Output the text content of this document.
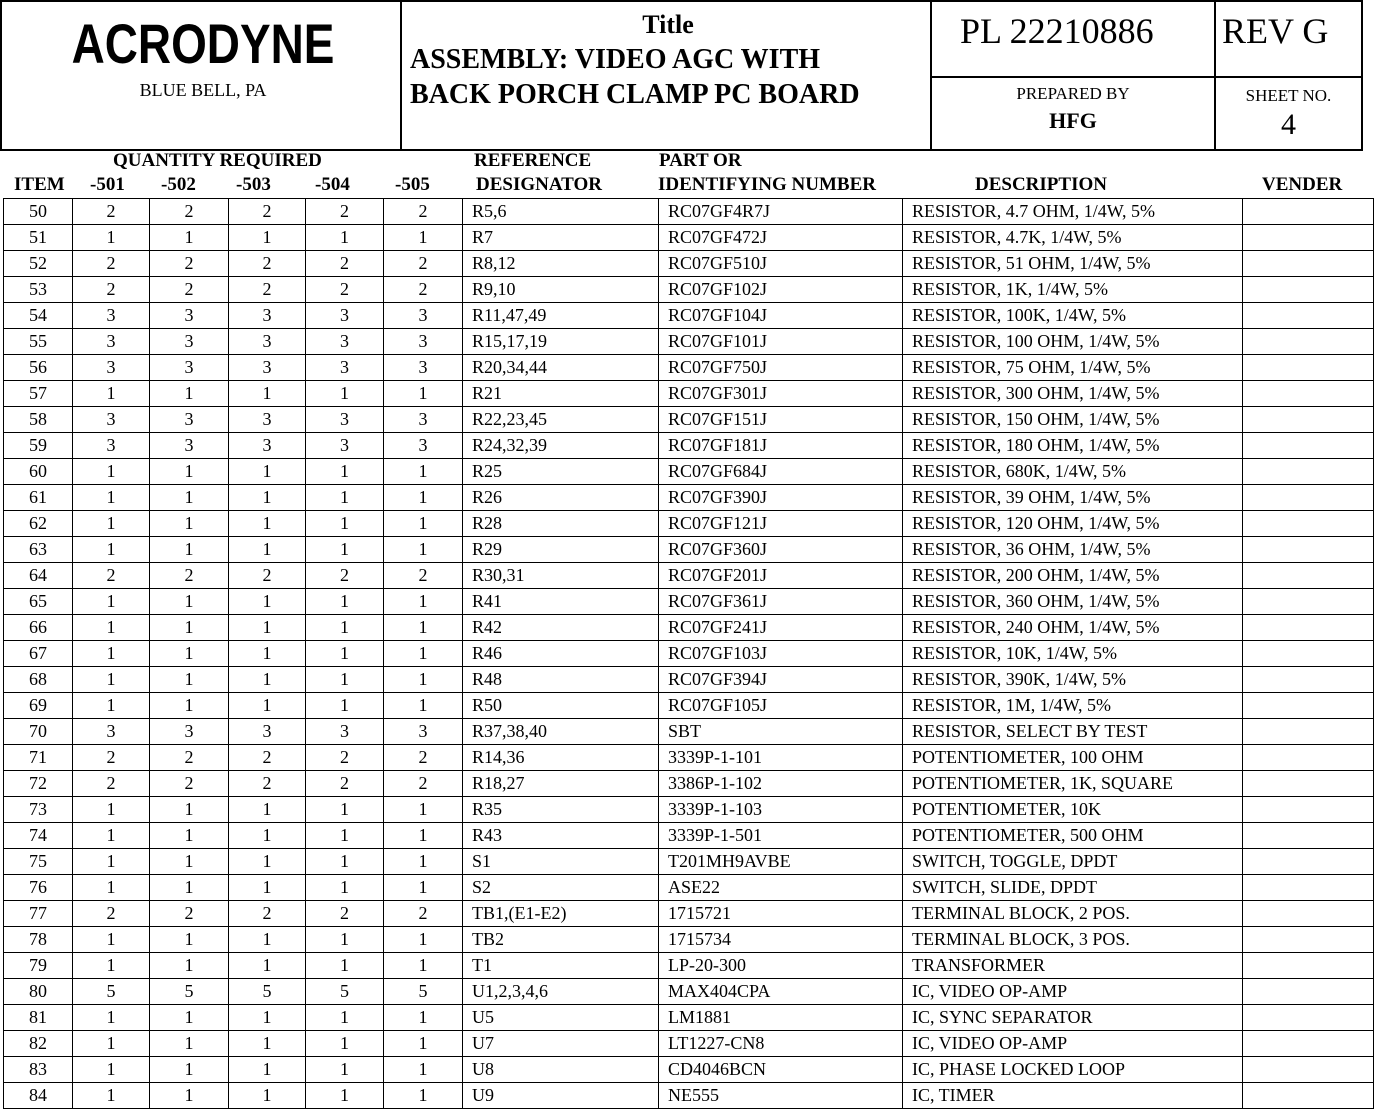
ACRODYNE
BLUE BELL, PA
Title
ASSEMBLY: VIDEO AGC WITH
BACK PORCH CLAMP PC BOARD
PL 22210886 REV G
PREPARED BY
HFG
SHEET NO.
4
QUANTITY REQUIRED	REFERENCE	PART OR
ITEM -501 -502 -503 -504 -505 DESIGNATOR	IDENTIFYING NUMBER	DESCRIPTION	VENDER
50	2	2	2	2	2	R5,6	RC07GF4R7J	RESISTOR, 4.7 OHM, 1/4W, 5%	
51	1	1	1	1	1	R7	RC07GF472J	RESISTOR, 4.7K, 1/4W, 5%	
52	2	2	2	2	2	R8,12	RC07GF510J	RESISTOR, 51 OHM, 1/4W, 5%	
53	2	2	2	2	2	R9,10	RC07GF102J	RESISTOR, 1K, 1/4W, 5%	
54	3	3	3	3	3	R11,47,49	RC07GF104J	RESISTOR, 100K, 1/4W, 5%	
55	3	3	3	3	3	R15,17,19	RC07GF101J	RESISTOR, 100 OHM, 1/4W, 5%	
56	3	3	3	3	3	R20,34,44	RC07GF750J	RESISTOR, 75 OHM, 1/4W, 5%	
57	1	1	1	1	1	R21	RC07GF301J	RESISTOR, 300 OHM, 1/4W, 5%	
58	3	3	3	3	3	R22,23,45	RC07GF151J	RESISTOR, 150 OHM, 1/4W, 5%	
59	3	3	3	3	3	R24,32,39	RC07GF181J	RESISTOR, 180 OHM, 1/4W, 5%	
60	1	1	1	1	1	R25	RC07GF684J	RESISTOR, 680K, 1/4W, 5%	
61	1	1	1	1	1	R26	RC07GF390J	RESISTOR, 39 OHM, 1/4W, 5%	
62	1	1	1	1	1	R28	RC07GF121J	RESISTOR, 120 OHM, 1/4W, 5%	
63	1	1	1	1	1	R29	RC07GF360J	RESISTOR, 36 OHM, 1/4W, 5%	
64	2	2	2	2	2	R30,31	RC07GF201J	RESISTOR, 200 OHM, 1/4W, 5%	
65	1	1	1	1	1	R41	RC07GF361J	RESISTOR, 360 OHM, 1/4W, 5%	
66	1	1	1	1	1	R42	RC07GF241J	RESISTOR, 240 OHM, 1/4W, 5%	
67	1	1	1	1	1	R46	RC07GF103J	RESISTOR, 10K, 1/4W, 5%	
68	1	1	1	1	1	R48	RC07GF394J	RESISTOR, 390K, 1/4W, 5%	
69	1	1	1	1	1	R50	RC07GF105J	RESISTOR, 1M, 1/4W, 5%	
70	3	3	3	3	3	R37,38,40	SBT	RESISTOR, SELECT BY TEST	
71	2	2	2	2	2	R14,36	3339P-1-101	POTENTIOMETER, 100 OHM	
72	2	2	2	2	2	R18,27	3386P-1-102	POTENTIOMETER, 1K, SQUARE	
73	1	1	1	1	1	R35	3339P-1-103	POTENTIOMETER, 10K	
74	1	1	1	1	1	R43	3339P-1-501	POTENTIOMETER, 500 OHM	
75	1	1	1	1	1	S1	T201MH9AVBE	SWITCH, TOGGLE, DPDT	
76	1	1	1	1	1	S2	ASE22	SWITCH, SLIDE, DPDT	
77	2	2	2	2	2	TB1,(E1-E2)	1715721	TERMINAL BLOCK, 2 POS.	
78	1	1	1	1	1	TB2	1715734	TERMINAL BLOCK, 3 POS.	
79	1	1	1	1	1	T1	LP-20-300	TRANSFORMER	
80	5	5	5	5	5	U1,2,3,4,6	MAX404CPA	IC, VIDEO OP-AMP	
81	1	1	1	1	1	U5	LM1881	IC, SYNC SEPARATOR	
82	1	1	1	1	1	U7	LT1227-CN8	IC, VIDEO OP-AMP	
83	1	1	1	1	1	U8	CD4046BCN	IC, PHASE LOCKED LOOP	
84	1	1	1	1	1	U9	NE555	IC, TIMER	
